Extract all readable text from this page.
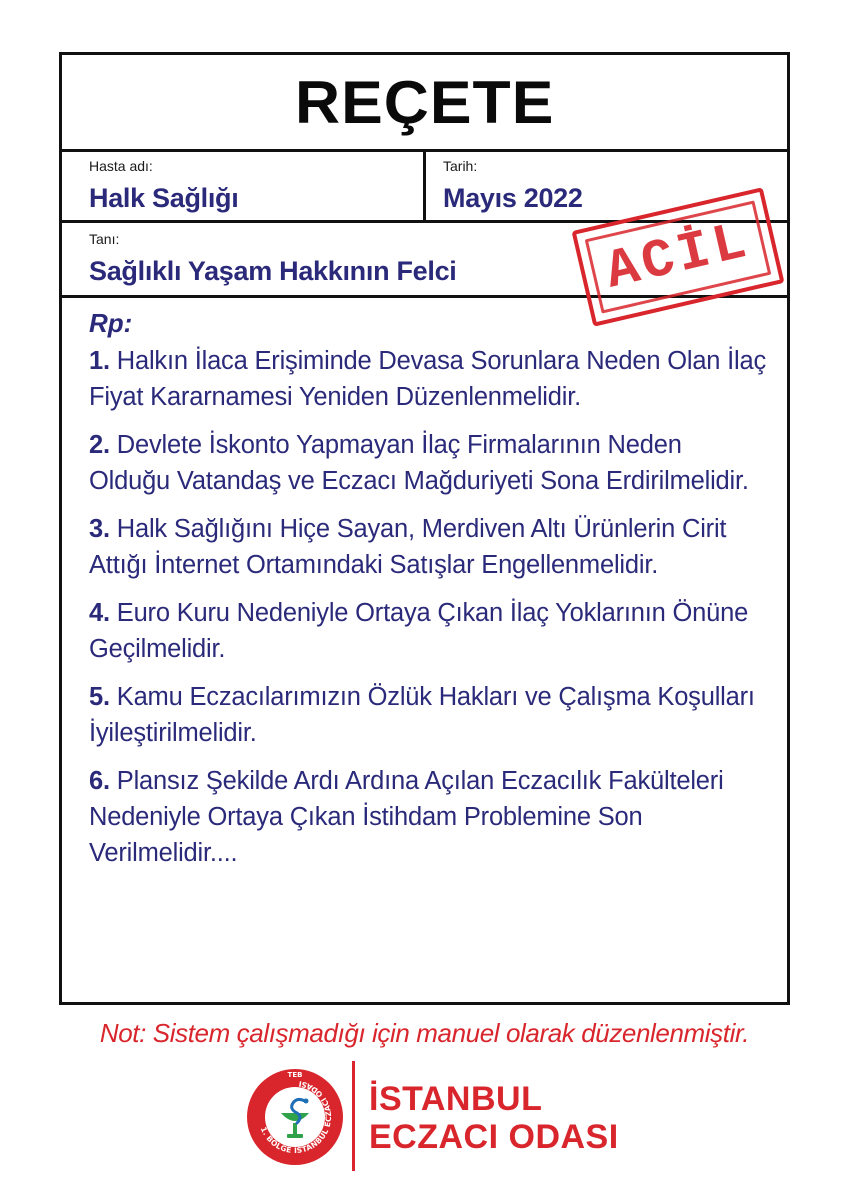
REÇETE
Hasta adı:
Halk Sağlığı
Tarih:
Mayıs 2022
Tanı:
Sağlıklı Yaşam Hakkının Felci
Rp:
1. Halkın İlaca Erişiminde Devasa Sorunlara Neden Olan İlaç Fiyat Kararnamesi Yeniden Düzenlenmelidir.
2. Devlete İskonto Yapmayan İlaç Firmalarının Neden Olduğu Vatandaş ve Eczacı Mağduriyeti Sona Erdirilmelidir.
3. Halk Sağlığını Hiçe Sayan, Merdiven Altı Ürünlerin Cirit Attığı İnternet Ortamındaki Satışlar Engellenmelidir.
4. Euro Kuru Nedeniyle Ortaya Çıkan İlaç Yoklarının Önüne Geçilmelidir.
5. Kamu Eczacılarımızın Özlük Hakları ve Çalışma Koşulları İyileştirilmelidir.
6. Plansız Şekilde Ardı Ardına Açılan Eczacılık Fakülteleri Nedeniyle Ortaya Çıkan İstihdam Problemine Son Verilmelidir....
ACİL
Not: Sistem çalışmadığı için manuel olarak düzenlenmiştir.
1. BÖLGE İSTANBUL ECZACI ODASI
TEB
İSTANBUL
ECZACI ODASI
